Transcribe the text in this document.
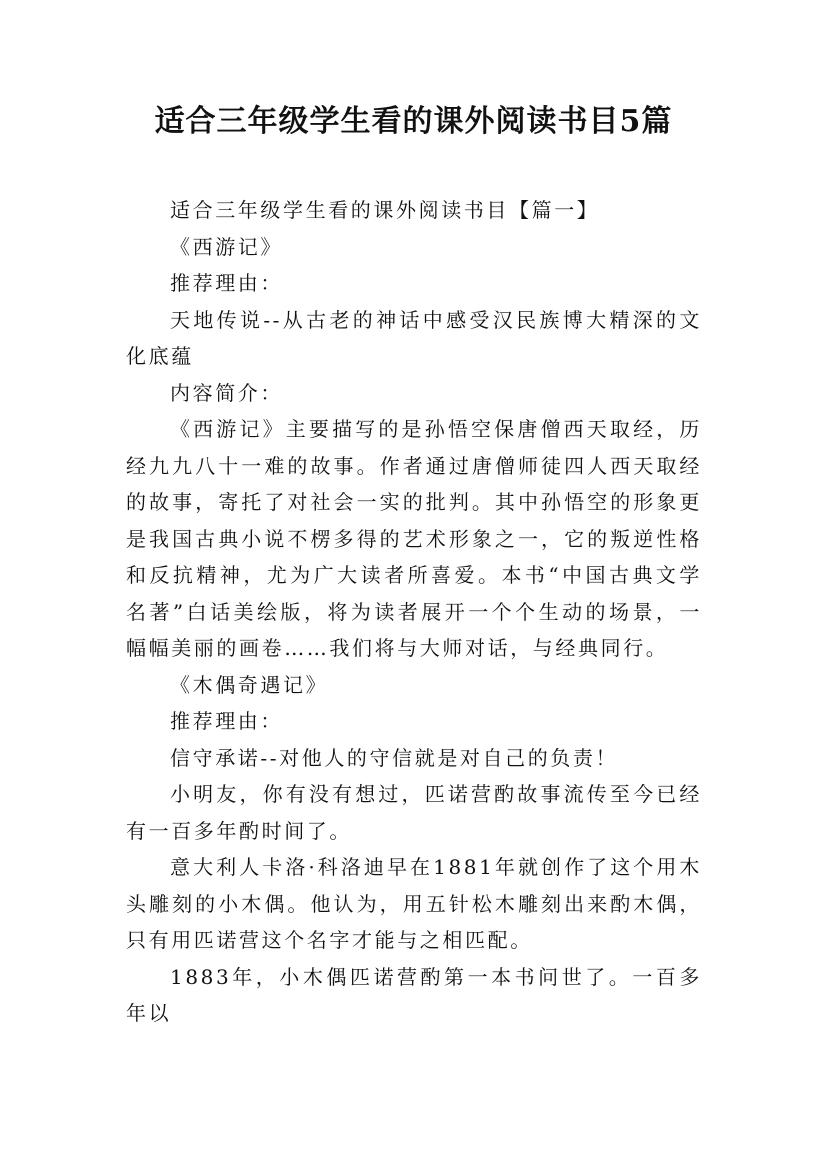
适合三年级学生看的课外阅读书目5篇

适合三年级学生看的课外阅读书目【篇一】

《西游记》

推荐理由：

天地传说--从古老的神话中感受汉民族博大精深的文化底蕴

内容简介：

《西游记》主要描写的是孙悟空保唐僧西天取经，历经九九八十一难的故事。作者通过唐僧师徒四人西天取经的故事，寄托了对社会一实的批判。其中孙悟空的形象更是我国古典小说不楞多得的艺术形象之一，它的叛逆性格和反抗精神，尤为广大读者所喜爱。本书“中国古典文学名著”白话美绘版，将为读者展开一个个生动的场景，一幅幅美丽的画卷……我们将与大师对话，与经典同行。

《木偶奇遇记》

推荐理由：

信守承诺--对他人的守信就是对自己的负责！

小明友，你有没有想过，匹诺营酌故事流传至今已经有一百多年酌时间了。

意大利人卡洛·科洛迪早在1881年就创作了这个用木头雕刻的小木偶。他认为，用五针松木雕刻出来酌木偶，只有用匹诺营这个名字才能与之相匹配。

1883年，小木偶匹诺营酌第一本书问世了。一百多年以
